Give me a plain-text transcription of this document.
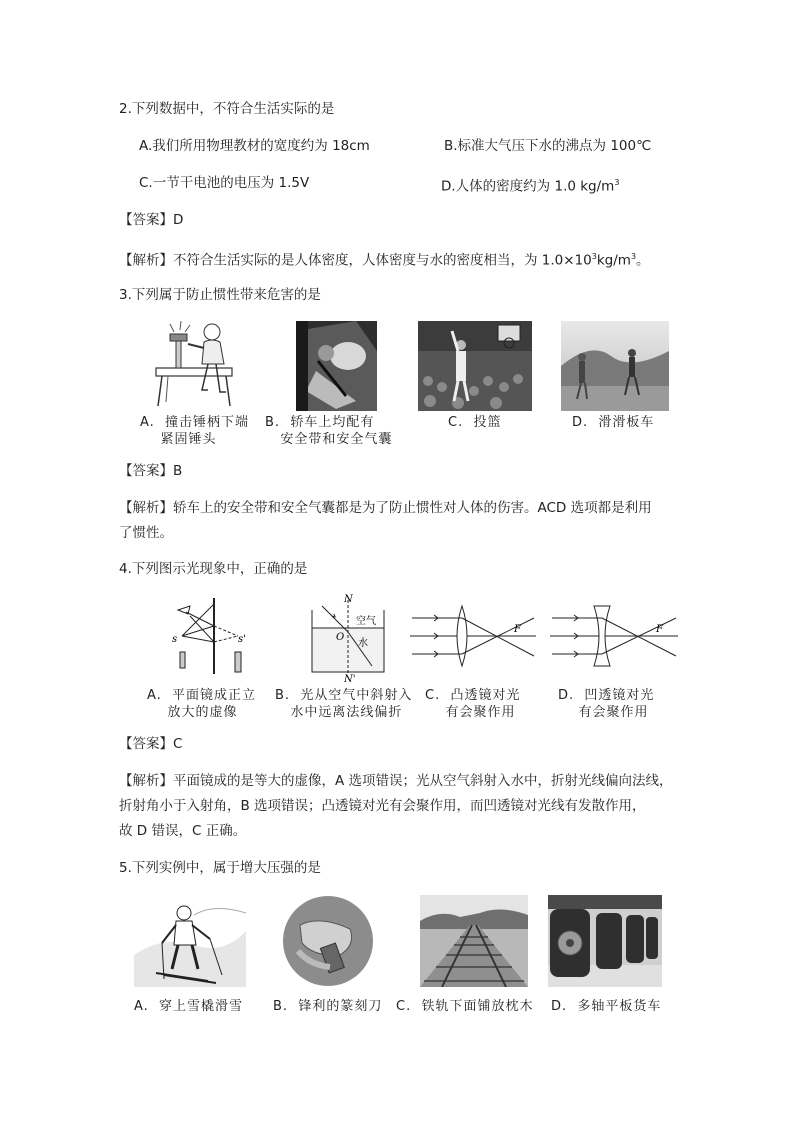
2.下列数据中，不符合生活实际的是
A.我们所用物理教材的宽度约为 18cm	B.标准大气压下水的沸点为 100℃
C.一节干电池的电压为 1.5V	D.人体的密度约为 1.0 $kg/m^3$
【答案】D
【解析】不符合生活实际的是人体密度，人体密度与水的密度相当，为 $1.0\times 10^3kg/m^3$。
3.下列属于防止惯性带来危害的是
A.  撞击锤柄下端
紧固锤头
B.  轿车上均配有
安全带和安全气囊
C.  投篮	D.  滑滑板车
【答案】B
【解析】轿车上的安全带和安全气囊都是为了防止惯性对人体的伤害。ACD 选项都是利用
了惯性。
4.下列图示光现象中，正确的是
s	s'
A.  平面镜成正立
放大的虚像
N
N'
O
空气
水
B.  光从空气中斜射入
水中远离法线偏折
F
C.  凸透镜对光
有会聚作用
F
D.  凹透镜对光
有会聚作用
【答案】C
【解析】平面镜成的是等大的虚像，A 选项错误；光从空气斜射入水中，折射光线偏向法线，
折射角小于入射角，B 选项错误；凸透镜对光有会聚作用，而凹透镜对光线有发散作用，
故 D 错误，C 正确。
5.下列实例中，属于增大压强的是
A.  穿上雪橇滑雪 B.  锋利的篆刻刀 C.  铁轨下面铺放枕木 D.  多轴平板货车
